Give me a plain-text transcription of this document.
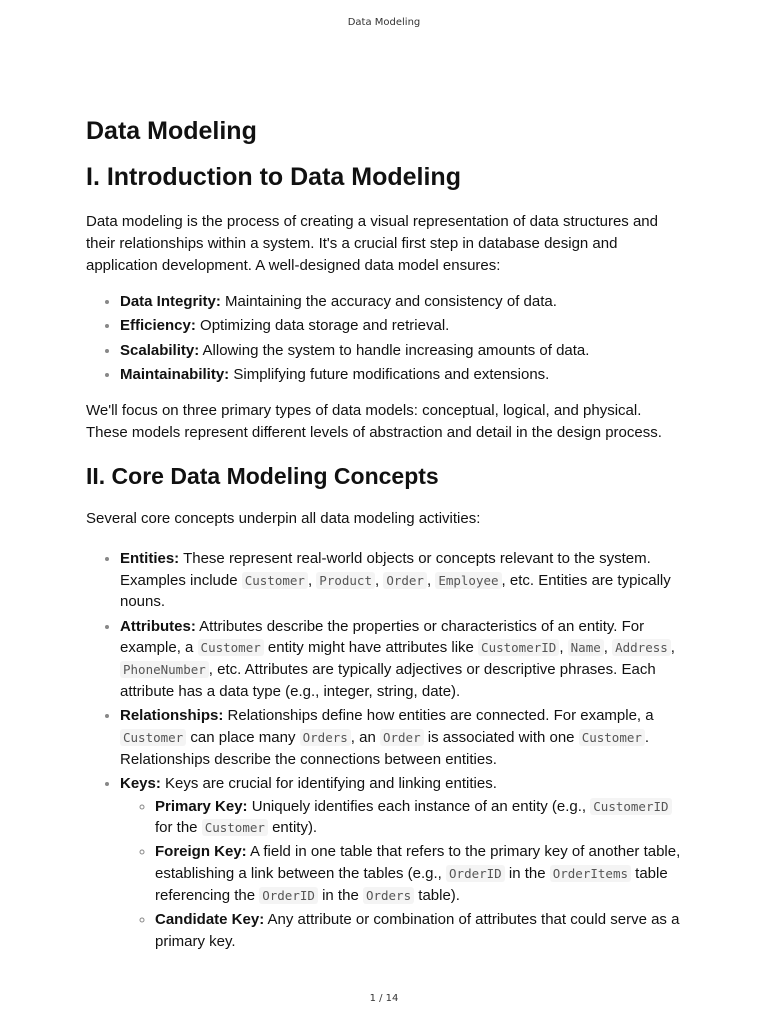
Data Modeling
Data Modeling
I. Introduction to Data Modeling

Data modeling is the process of creating a visual representation of data structures and their relationships within a system. It's a crucial first step in database design and application development. A well-designed data model ensures:

• Data Integrity: Maintaining the accuracy and consistency of data.
• Efficiency: Optimizing data storage and retrieval.
• Scalability: Allowing the system to handle increasing amounts of data.
• Maintainability: Simplifying future modifications and extensions.

We'll focus on three primary types of data models: conceptual, logical, and physical. These models represent different levels of abstraction and detail in the design process.

II. Core Data Modeling Concepts

Several core concepts underpin all data modeling activities:

• Entities: These represent real-world objects or concepts relevant to the system. Examples include Customer , Product , Order , Employee , etc. Entities are typically nouns.
• Attributes: Attributes describe the properties or characteristics of an entity. For example, a Customer entity might have attributes like CustomerID , Name , Address , PhoneNumber , etc. Attributes are typically adjectives or descriptive phrases. Each attribute has a data type (e.g., integer, string, date).
• Relationships: Relationships define how entities are connected. For example, a Customer can place many Orders , an Order is associated with one Customer . Relationships describe the connections between entities.
• Keys: Keys are crucial for identifying and linking entities.
◦ Primary Key: Uniquely identifies each instance of an entity (e.g., CustomerID for the Customer entity).
◦ Foreign Key: A field in one table that refers to the primary key of another table, establishing a link between the tables (e.g., OrderID in the OrderItems table referencing the OrderID in the Orders table).
◦ Candidate Key: Any attribute or combination of attributes that could serve as a primary key.
1 / 14
